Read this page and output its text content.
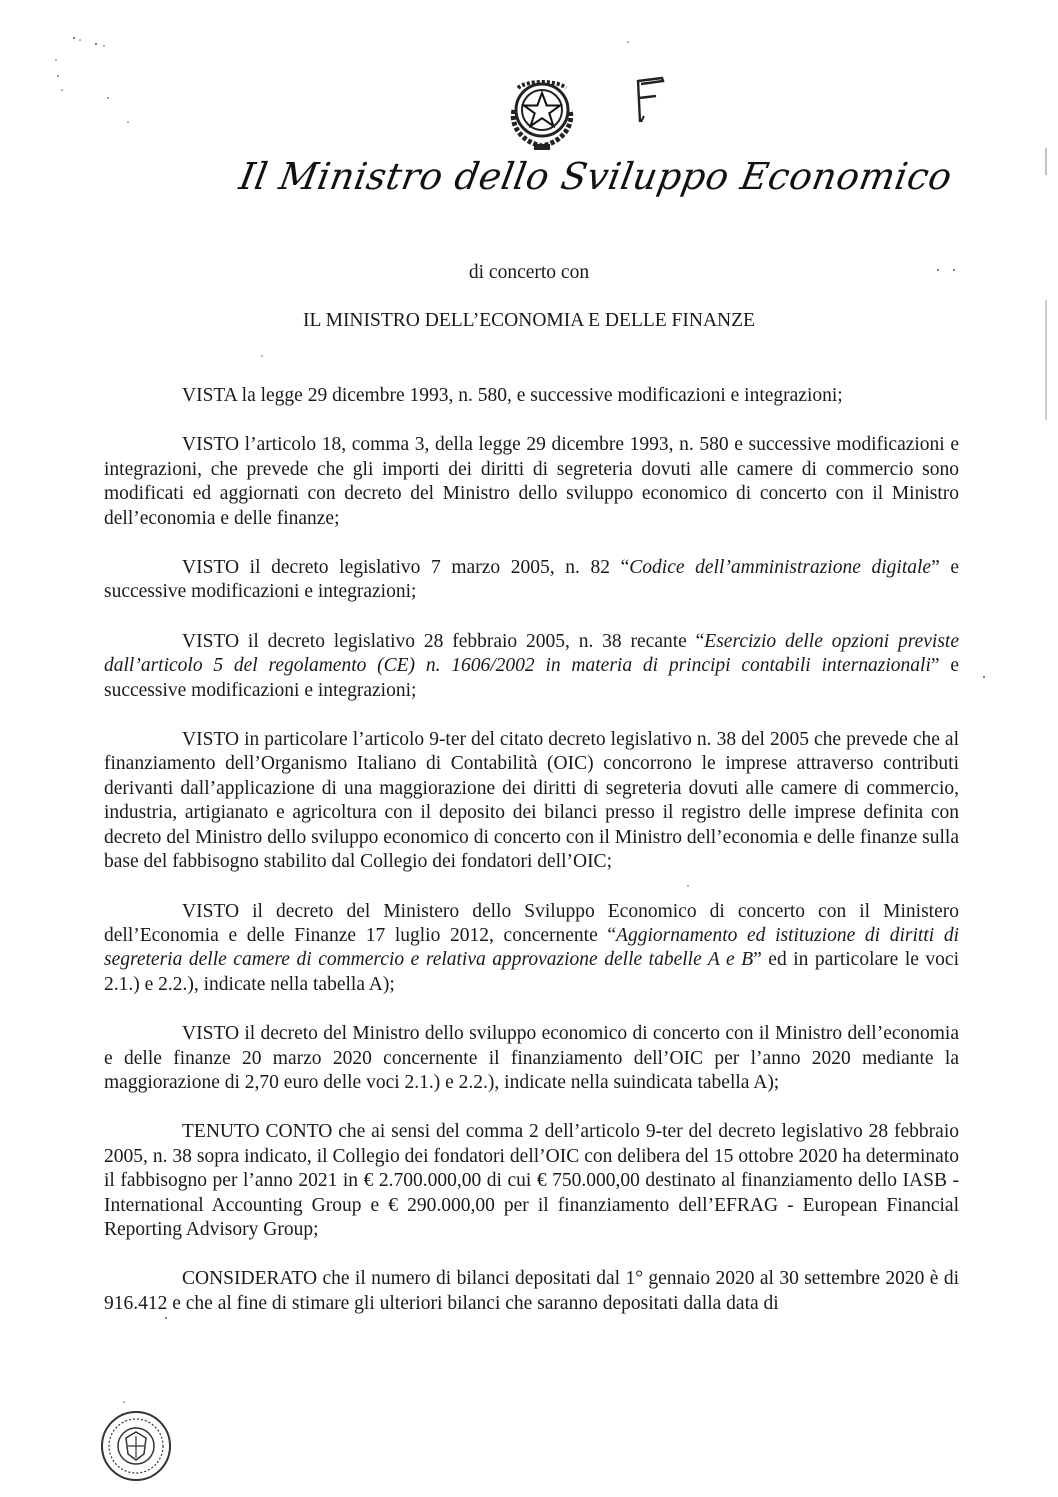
Il Ministro dello Sviluppo Economico
di concerto con
IL MINISTRO DELL’ECONOMIA E DELLE FINANZE

VISTA la legge 29 dicembre 1993, n. 580, e successive modificazioni e integrazioni;

VISTO l’articolo 18, comma 3, della legge 29 dicembre 1993, n. 580 e successive modificazioni e integrazioni, che prevede che gli importi dei diritti di segreteria dovuti alle camere di commercio sono modificati ed aggiornati con decreto del Ministro dello sviluppo economico di concerto con il Ministro dell’economia e delle finanze;

VISTO il decreto legislativo 7 marzo 2005, n. 82 “Codice dell’amministrazione digitale” e successive modificazioni e integrazioni;

VISTO il decreto legislativo 28 febbraio 2005, n. 38 recante “Esercizio delle opzioni previste dall’articolo 5 del regolamento (CE) n. 1606/2002 in materia di principi contabili internazionali” e successive modificazioni e integrazioni;

VISTO in particolare l’articolo 9-ter del citato decreto legislativo n. 38 del 2005 che prevede che al finanziamento dell’Organismo Italiano di Contabilità (OIC) concorrono le imprese attraverso contributi derivanti dall’applicazione di una maggiorazione dei diritti di segreteria dovuti alle camere di commercio, industria, artigianato e agricoltura con il deposito dei bilanci presso il registro delle imprese definita con decreto del Ministro dello sviluppo economico di concerto con il Ministro dell’economia e delle finanze sulla base del fabbisogno stabilito dal Collegio dei fondatori dell’OIC;

VISTO il decreto del Ministero dello Sviluppo Economico di concerto con il Ministero dell’Economia e delle Finanze 17 luglio 2012, concernente “Aggiornamento ed istituzione di diritti di segreteria delle camere di commercio e relativa approvazione delle tabelle A e B” ed in particolare le voci 2.1.) e 2.2.), indicate nella tabella A);

VISTO il decreto del Ministro dello sviluppo economico di concerto con il Ministro dell’economia e delle finanze 20 marzo 2020 concernente il finanziamento dell’OIC per l’anno 2020 mediante la maggiorazione di 2,70 euro delle voci 2.1.) e 2.2.), indicate nella suindicata tabella A);

TENUTO CONTO che ai sensi del comma 2 dell’articolo 9-ter del decreto legislativo 28 febbraio 2005, n. 38 sopra indicato, il Collegio dei fondatori dell’OIC con delibera del 15 ottobre 2020 ha determinato il fabbisogno per l’anno 2021 in € 2.700.000,00 di cui € 750.000,00 destinato al finanziamento dello IASB - International Accounting Group e € 290.000,00 per il finanziamento dell’EFRAG - European Financial Reporting Advisory Group;

CONSIDERATO che il numero di bilanci depositati dal 1° gennaio 2020 al 30 settembre 2020 è di 916.412 e che al fine di stimare gli ulteriori bilanci che saranno depositati dalla data di
